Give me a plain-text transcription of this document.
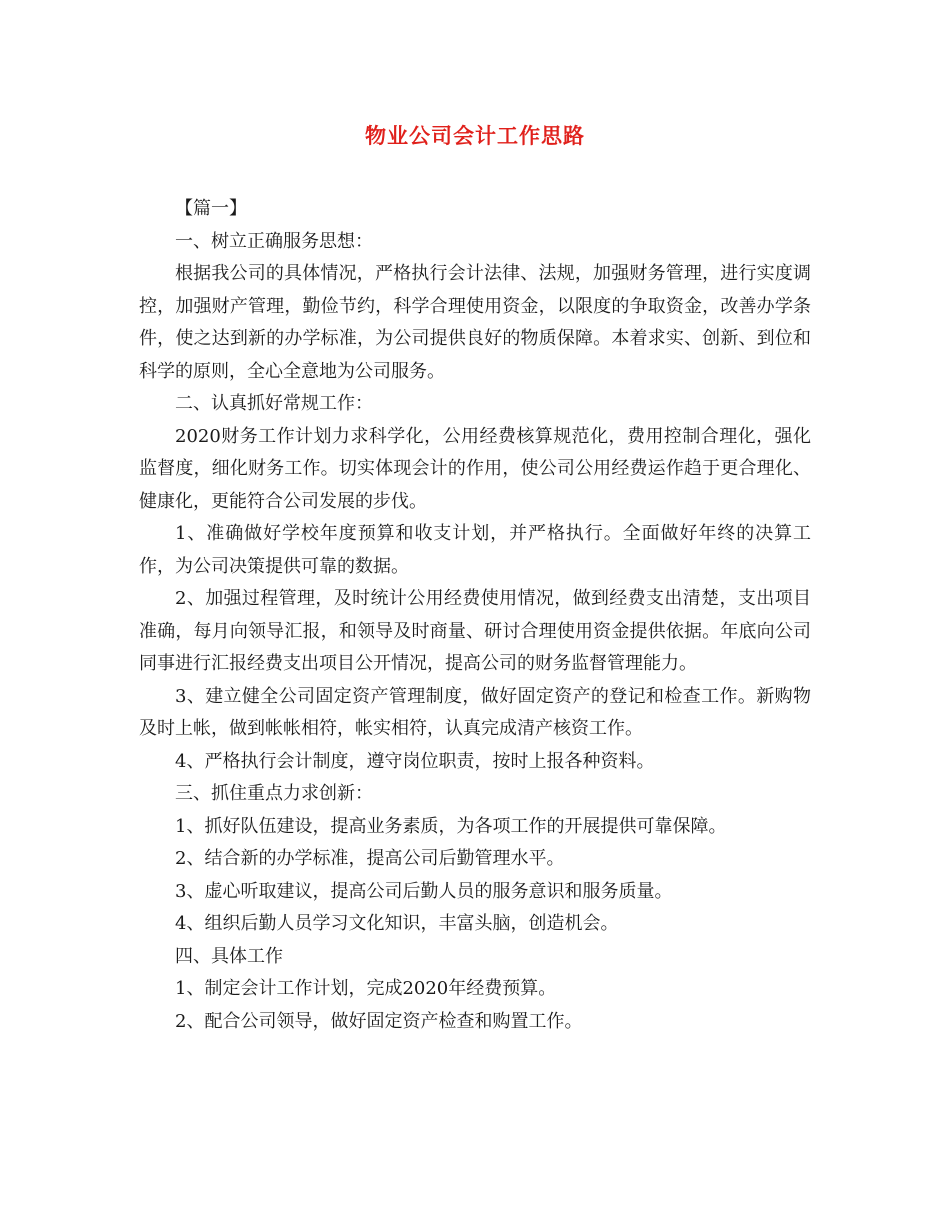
物业公司会计工作思路

【篇一】

一、树立正确服务思想：

根据我公司的具体情况，严格执行会计法律、法规，加强财务管理，进行实度调控，加强财产管理，勤俭节约，科学合理使用资金，以限度的争取资金，改善办学条件，使之达到新的办学标准，为公司提供良好的物质保障。本着求实、创新、到位和科学的原则，全心全意地为公司服务。

二、认真抓好常规工作：

2020财务工作计划力求科学化，公用经费核算规范化，费用控制合理化，强化监督度，细化财务工作。切实体现会计的作用，使公司公用经费运作趋于更合理化、健康化，更能符合公司发展的步伐。

1、准确做好学校年度预算和收支计划，并严格执行。全面做好年终的决算工作，为公司决策提供可靠的数据。

2、加强过程管理，及时统计公用经费使用情况，做到经费支出清楚，支出项目准确，每月向领导汇报，和领导及时商量、研讨合理使用资金提供依据。年底向公司同事进行汇报经费支出项目公开情况，提高公司的财务监督管理能力。

3、建立健全公司固定资产管理制度，做好固定资产的登记和检查工作。新购物及时上帐，做到帐帐相符，帐实相符，认真完成清产核资工作。

4、严格执行会计制度，遵守岗位职责，按时上报各种资料。

三、抓住重点力求创新：

1、抓好队伍建设，提高业务素质，为各项工作的开展提供可靠保障。

2、结合新的办学标准，提高公司后勤管理水平。

3、虚心听取建议，提高公司后勤人员的服务意识和服务质量。

4、组织后勤人员学习文化知识，丰富头脑，创造机会。

四、具体工作

1、制定会计工作计划，完成2020年经费预算。

2、配合公司领导，做好固定资产检查和购置工作。
